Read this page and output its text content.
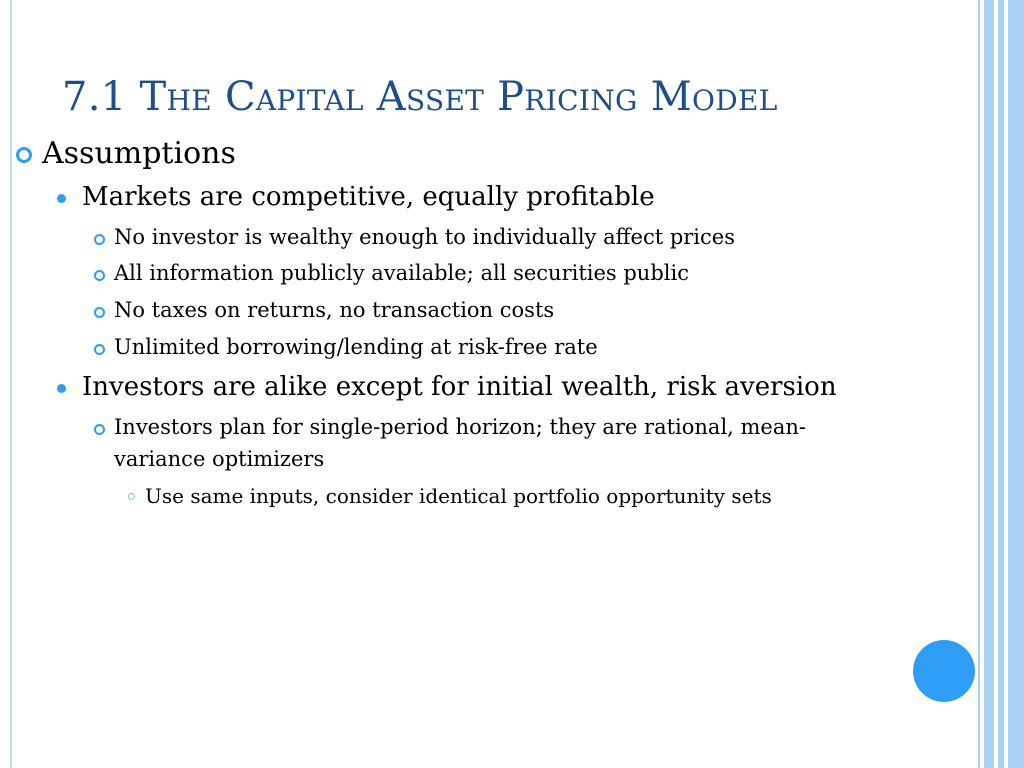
7.1 The Capital Asset Pricing Model
Assumptions
Markets are competitive, equally profitable
No investor is wealthy enough to individually affect prices
All information publicly available; all securities public
No taxes on returns, no transaction costs
Unlimited borrowing/lending at risk-free rate
Investors are alike except for initial wealth, risk aversion
Investors plan for single-period horizon; they are rational, mean-
variance optimizers
Use same inputs, consider identical portfolio opportunity sets
